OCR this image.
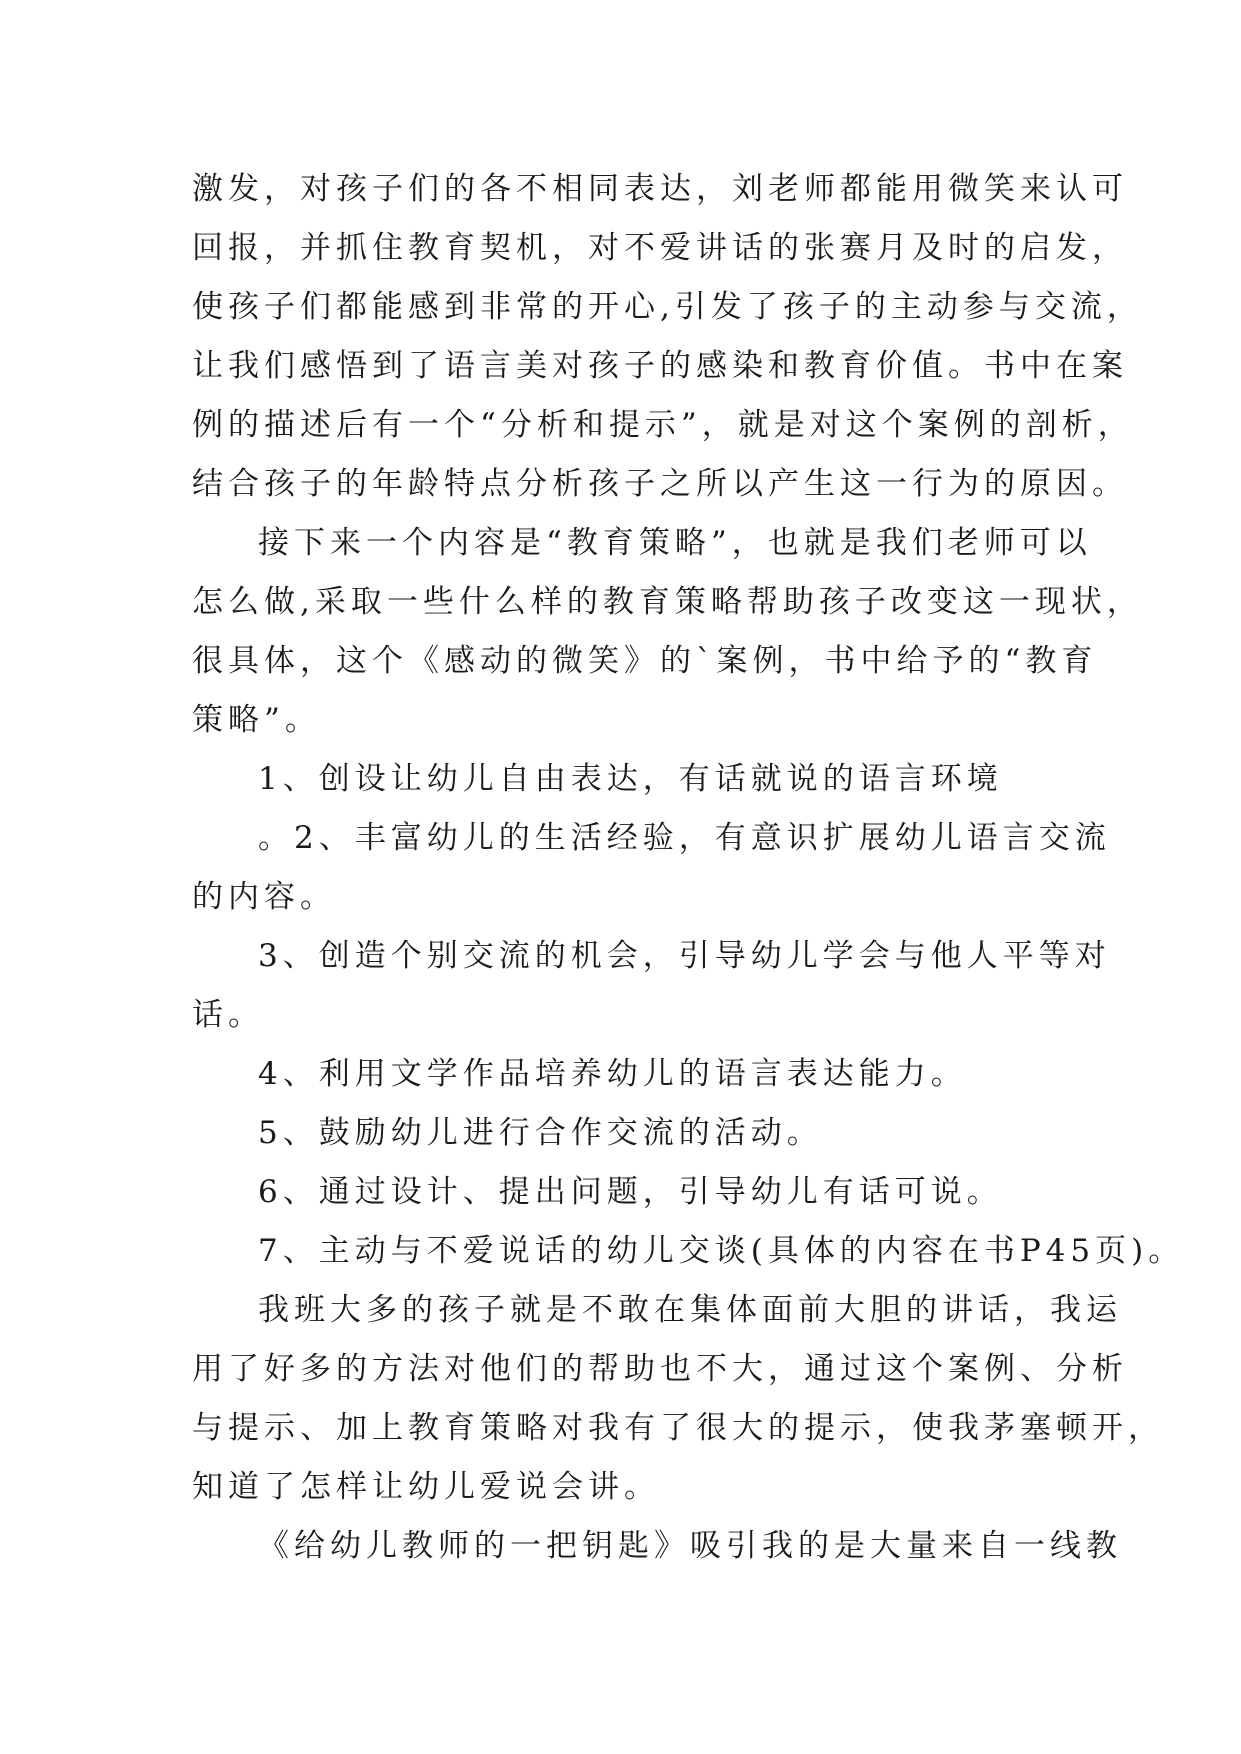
激发，对孩子们的各不相同表达，刘老师都能用微笑来认可
回报，并抓住教育契机，对不爱讲话的张赛月及时的启发，
使孩子们都能感到非常的开心,引发了孩子的主动参与交流，
让我们感悟到了语言美对孩子的感染和教育价值。书中在案
例的描述后有一个“分析和提示”，就是对这个案例的剖析，
结合孩子的年龄特点分析孩子之所以产生这一行为的原因。
接下来一个内容是“教育策略”，也就是我们老师可以
怎么做,采取一些什么样的教育策略帮助孩子改变这一现状，
很具体，这个《感动的微笑》的`案例，书中给予的“教育
策略”。
1、创设让幼儿自由表达，有话就说的语言环境
。2、丰富幼儿的生活经验，有意识扩展幼儿语言交流
的内容。
3、创造个别交流的机会，引导幼儿学会与他人平等对
话。
4、利用文学作品培养幼儿的语言表达能力。
5、鼓励幼儿进行合作交流的活动。
6、通过设计、提出问题，引导幼儿有话可说。
7、主动与不爱说话的幼儿交谈(具体的内容在书P45页)。
我班大多的孩子就是不敢在集体面前大胆的讲话，我运
用了好多的方法对他们的帮助也不大，通过这个案例、分析
与提示、加上教育策略对我有了很大的提示，使我茅塞顿开，
知道了怎样让幼儿爱说会讲。
《给幼儿教师的一把钥匙》吸引我的是大量来自一线教
